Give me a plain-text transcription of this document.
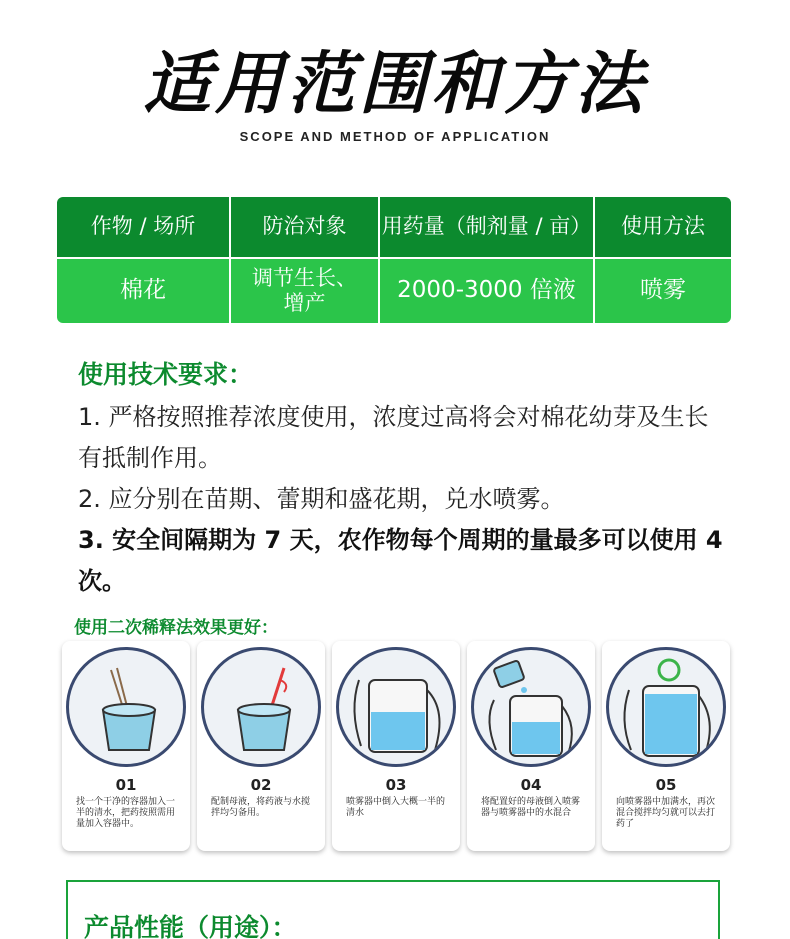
适用范围和方法
SCOPE AND METHOD OF APPLICATION
作物 / 场所	防治对象	用药量（制剂量 / 亩）	使用方法
棉花	调节生长、增产	2000-3000 倍液	喷雾
使用技术要求：
1. 严格按照推荐浓度使用，浓度过高将会对棉花幼芽及生长有抵制作用。
2. 应分别在苗期、蕾期和盛花期，兑水喷雾。
3. 安全间隔期为 7 天，农作物每个周期的量最多可以使用 4 次。
使用二次稀释法效果更好：
01
找一个干净的容器加入一半的清水，把药按照需用量加入容器中。
02
配制母液，将药液与水搅拌均匀备用。
03
喷雾器中倒入大概一半的清水
04
将配置好的母液倒入喷雾器与喷雾器中的水混合
05
向喷雾器中加满水，再次混合搅拌均匀就可以去打药了
产品性能（用途）：
